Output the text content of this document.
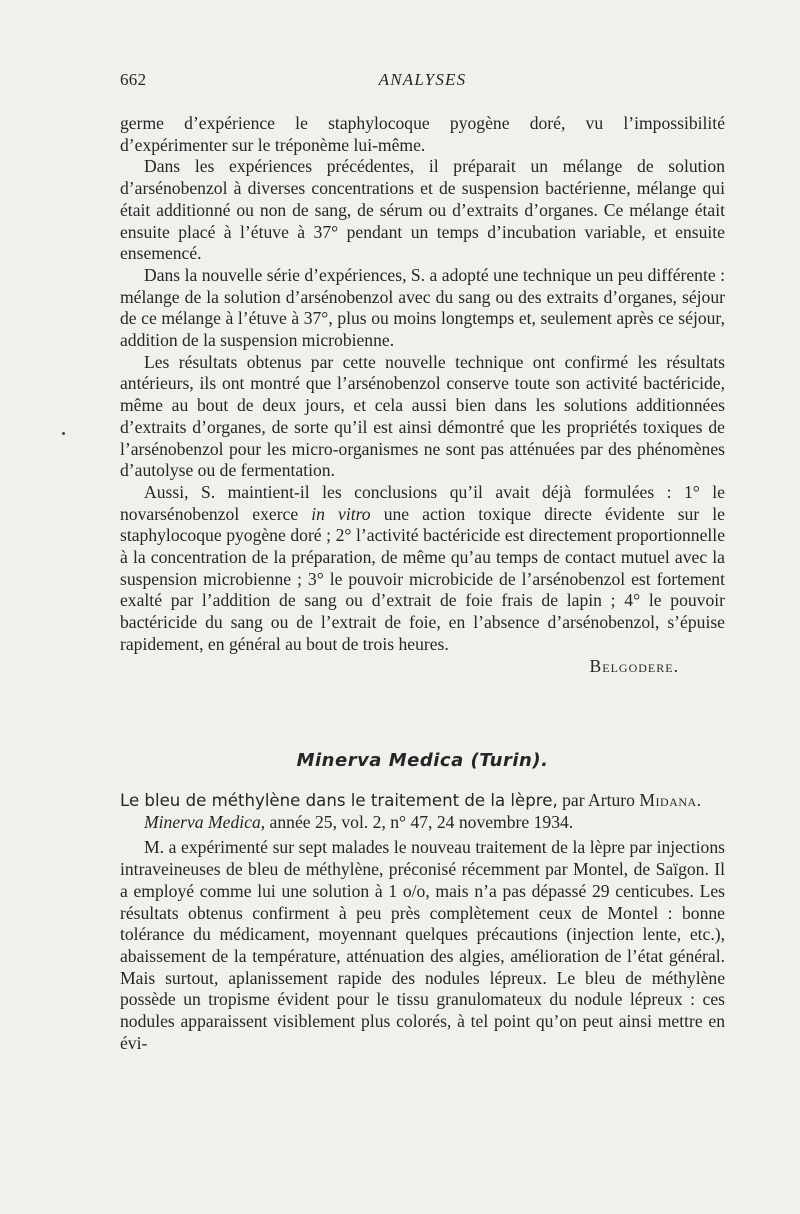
662	ANALYSES

germe d’expérience le staphylocoque pyogène doré, vu l’impossibilité d’expérimenter sur le tréponème lui-même.

Dans les expériences précédentes, il préparait un mélange de solution d’arsénobenzol à diverses concentrations et de suspension bactérienne, mélange qui était additionné ou non de sang, de sérum ou d’extraits d’organes. Ce mélange était ensuite placé à l’étuve à 37° pendant un temps d’incubation variable, et ensuite ensemencé.

Dans la nouvelle série d’expériences, S. a adopté une technique un peu différente : mélange de la solution d’arsénobenzol avec du sang ou des extraits d’organes, séjour de ce mélange à l’étuve à 37°, plus ou moins longtemps et, seulement après ce séjour, addition de la suspension microbienne.

Les résultats obtenus par cette nouvelle technique ont confirmé les résultats antérieurs, ils ont montré que l’arsénobenzol conserve toute son activité bactéricide, même au bout de deux jours, et cela aussi bien dans les solutions additionnées d’extraits d’organes, de sorte qu’il est ainsi démontré que les propriétés toxiques de l’arsénobenzol pour les micro-organismes ne sont pas atténuées par des phénomènes d’autolyse ou de fermentation.

Aussi, S. maintient-il les conclusions qu’il avait déjà formulées : 1° le novarsénobenzol exerce in vitro une action toxique directe évidente sur le staphylocoque pyogène doré ; 2° l’activité bactéricide est directement proportionnelle à la concentration de la préparation, de même qu’au temps de contact mutuel avec la suspension microbienne ; 3° le pouvoir microbicide de l’arsénobenzol est fortement exalté par l’addition de sang ou d’extrait de foie frais de lapin ; 4° le pouvoir bactéricide du sang ou de l’extrait de foie, en l’absence d’arsénobenzol, s’épuise rapidement, en général au bout de trois heures.

Belgodere.

Minerva Medica (Turin).

Le bleu de méthylène dans le traitement de la lèpre, par Arturo Midana.

Minerva Medica, année 25, vol. 2, n° 47, 24 novembre 1934.

M. a expérimenté sur sept malades le nouveau traitement de la lèpre par injections intraveineuses de bleu de méthylène, préconisé récemment par Montel, de Saïgon. Il a employé comme lui une solution à 1 o/o, mais n’a pas dépassé 29 centicubes. Les résultats obtenus confirment à peu près complètement ceux de Montel : bonne tolérance du médicament, moyennant quelques précautions (injection lente, etc.), abaissement de la température, atténuation des algies, amélioration de l’état général. Mais surtout, aplanissement rapide des nodules lépreux. Le bleu de méthylène possède un tropisme évident pour le tissu granulomateux du nodule lépreux : ces nodules apparaissent visiblement plus colorés, à tel point qu’on peut ainsi mettre en évi-
